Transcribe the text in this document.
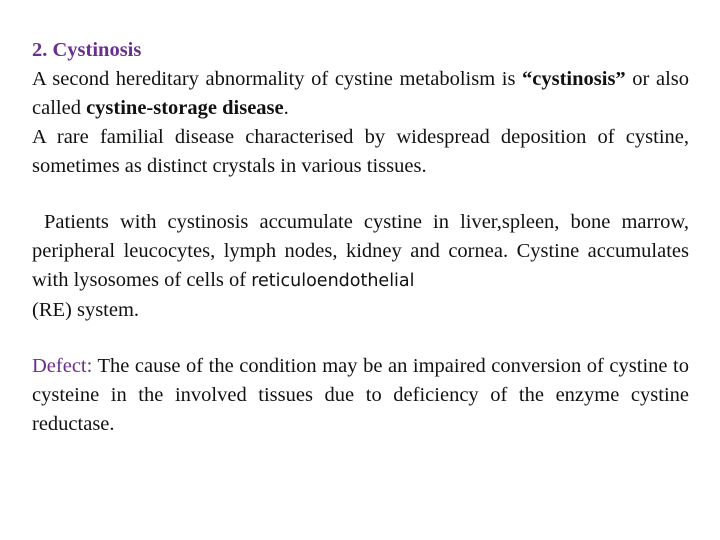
2. Cystinosis

A second hereditary abnormality of cystine metabolism is “cystinosis” or also called cystine-storage disease.

A rare familial disease characterised by widespread deposition of cystine, sometimes as distinct crystals in various tissues.

Patients with cystinosis accumulate cystine in liver,spleen, bone marrow, peripheral leucocytes, lymph nodes, kidney and cornea. Cystine accumulates with lysosomes of cells of reticuloendothelial
(RE) system.

Defect: The cause of the condition may be an impaired conversion of cystine to cysteine in the involved tissues due to deficiency of the enzyme cystine reductase.
